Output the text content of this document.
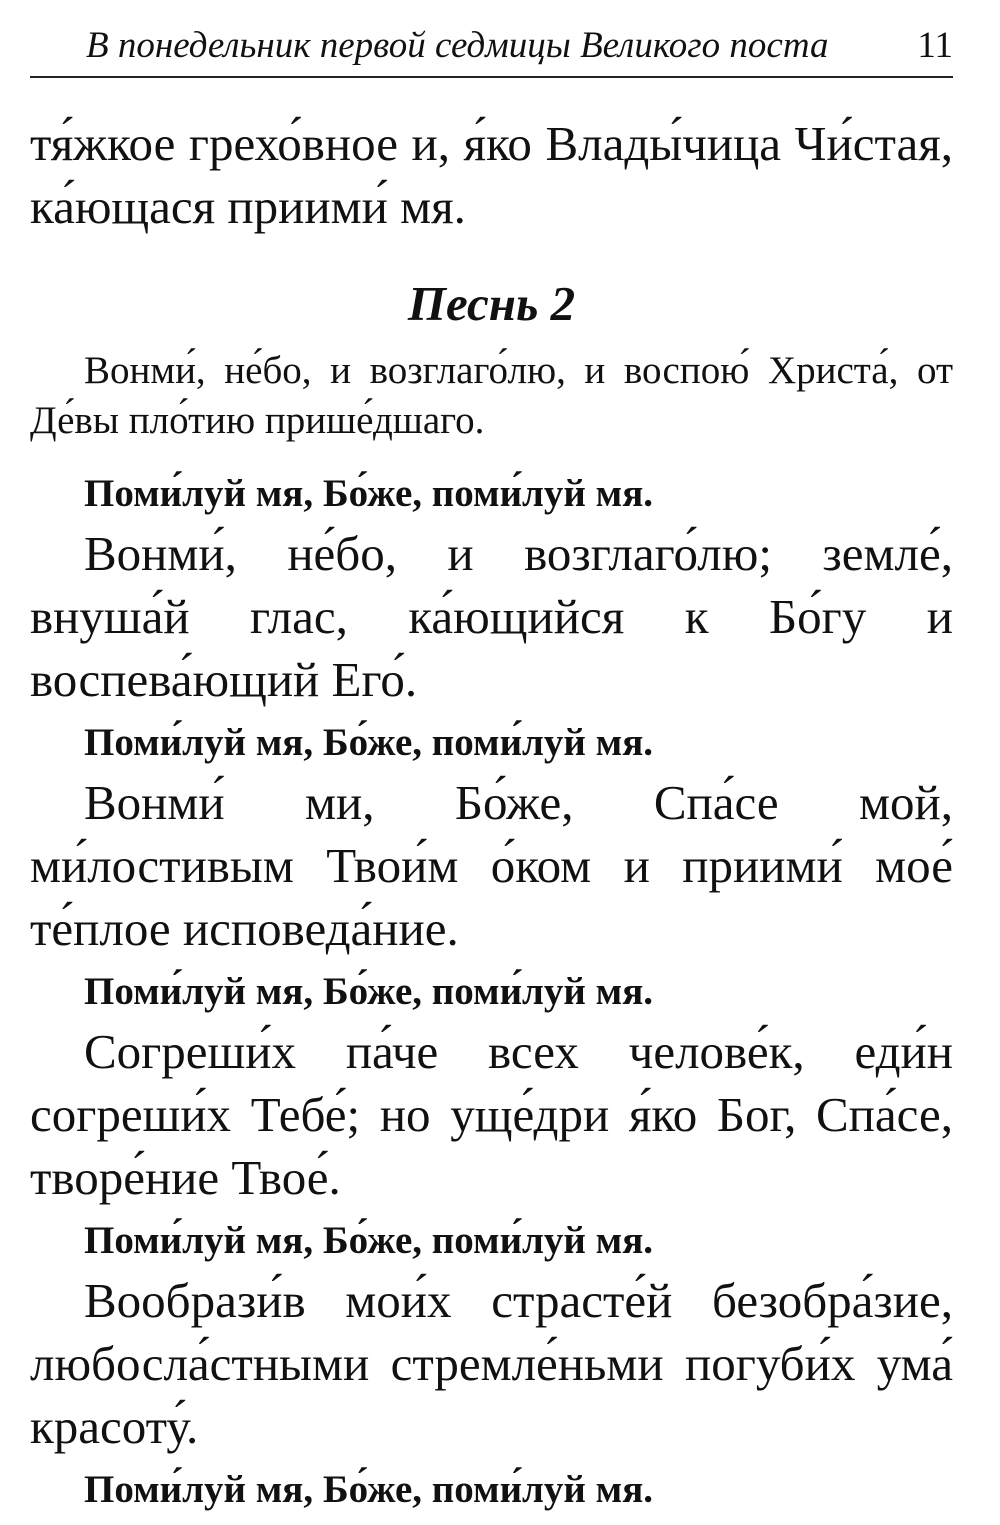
В понедельник первой седмицы Великого поста 11

тя́жкое грехо́вное и, я́ко Влады́чица Чи́стая, ка́ющася приими́ мя.

Песнь 2

Вонми́, не́бо, и возглаго́лю, и воспою́ Христа́, от Де́вы пло́тию прише́дшаго.

Поми́луй мя, Бо́же, поми́луй мя.

Вонми́, не́бо, и возглаго́лю; земле́, внуша́й глас, ка́ющийся к Бо́гу и воспева́ющий Его́.

Поми́луй мя, Бо́же, поми́луй мя.

Вонми́ ми, Бо́же, Спа́се мой, ми́лостивым Твои́м о́ком и приими́ мое́ те́плое исповеда́ние.

Поми́луй мя, Бо́же, поми́луй мя.

Согреши́х па́че всех челове́к, еди́н согреши́х Тебе́; но уще́дри я́ко Бог, Спа́се, творе́ние Твое́.

Поми́луй мя, Бо́же, поми́луй мя.

Вообрази́в мои́х страсте́й безобра́зие, любосла́стными стремле́ньми погуби́х ума́ красоту́.

Поми́луй мя, Бо́же, поми́луй мя.
